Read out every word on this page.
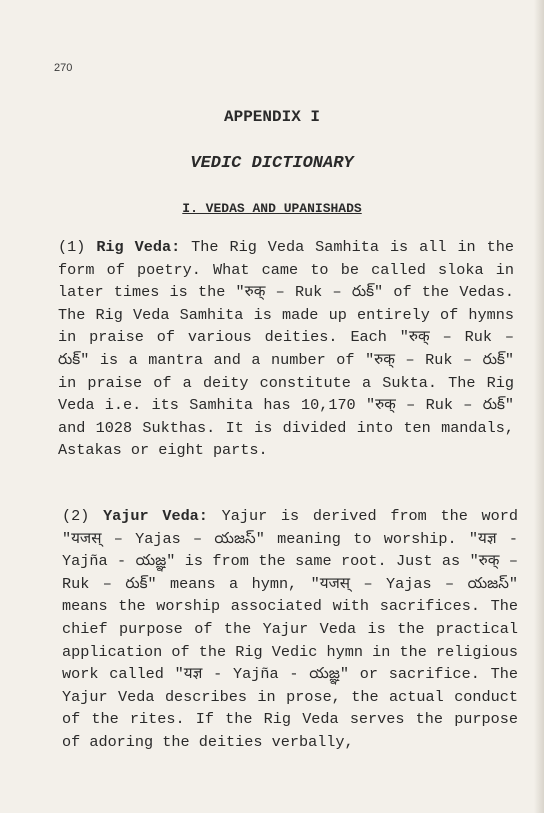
270
APPENDIX I
VEDIC DICTIONARY
I. VEDAS AND UPANISHADS

(1) Rig Veda: The Rig Veda Samhita is all in the form of poetry. What came to be called sloka in later times is the "रुक् – Ruk – రుక్" of the Vedas. The Rig Veda Samhita is made up entirely of hymns in praise of various deities. Each "रुक् – Ruk – రుక్" is a mantra and a number of "रुक् – Ruk – రుక్" in praise of a deity constitute a Sukta. The Rig Veda i.e. its Samhita has 10,170 "रुक् – Ruk – రుక్" and 1028 Sukthas. It is divided into ten mandals, Astakas or eight parts.

(2) Yajur Veda: Yajur is derived from the word "यजस् – Yajas – యజస్" meaning to worship. "यज्ञ - Yajña - యజ్ఞ" is from the same root. Just as "रुक् – Ruk – రుక్" means a hymn, "यजस् – Yajas – యజస్" means the worship associated with sacrifices. The chief purpose of the Yajur Veda is the practical application of the Rig Vedic hymn in the religious work called "यज्ञ - Yajña - యజ్ఞ" or sacrifice. The Yajur Veda describes in prose, the actual conduct of the rites. If the Rig Veda serves the purpose of adoring the deities verbally,
